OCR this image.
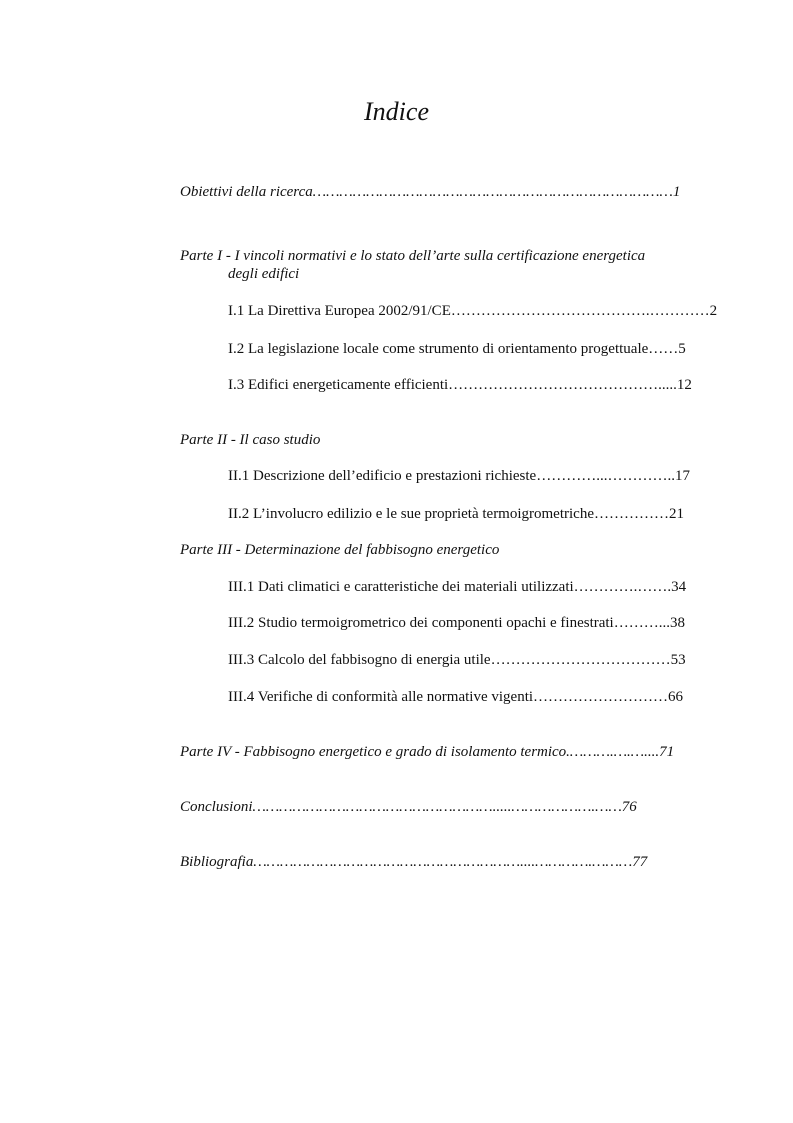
Indice
Obiettivi della ricerca………………………………………………………………………1
Parte I - I vincoli normativi e lo stato dell’arte sulla certificazione energetica
degli edifici
I.1 La Direttiva Europea 2002/91/CE………………………………….…………2
I.2 La legislazione locale come strumento di orientamento progettuale……5
I.3 Edifici energeticamente efficienti…………………………………….....12
Parte II - Il caso studio
II.1 Descrizione dell’edificio e prestazioni richieste…………...…………..17
II.2 L’involucro edilizio e le sue proprietà termoigrometriche……………21
Parte III - Determinazione del fabbisogno energetico
III.1 Dati climatici e caratteristiche dei materiali utilizzati………….…….34
III.2 Studio termoigrometrico dei componenti opachi e finestrati………...38
III.3 Calcolo del fabbisogno di energia utile………………………………53
III.4 Verifiche di conformità alle normative vigenti………………………66
Parte IV - Fabbisogno energetico e grado di isolamento termico.……….….…....71
Conclusioni……………………………………………….....……………….……76
Bibliografia……………………………………………………....………….………77
